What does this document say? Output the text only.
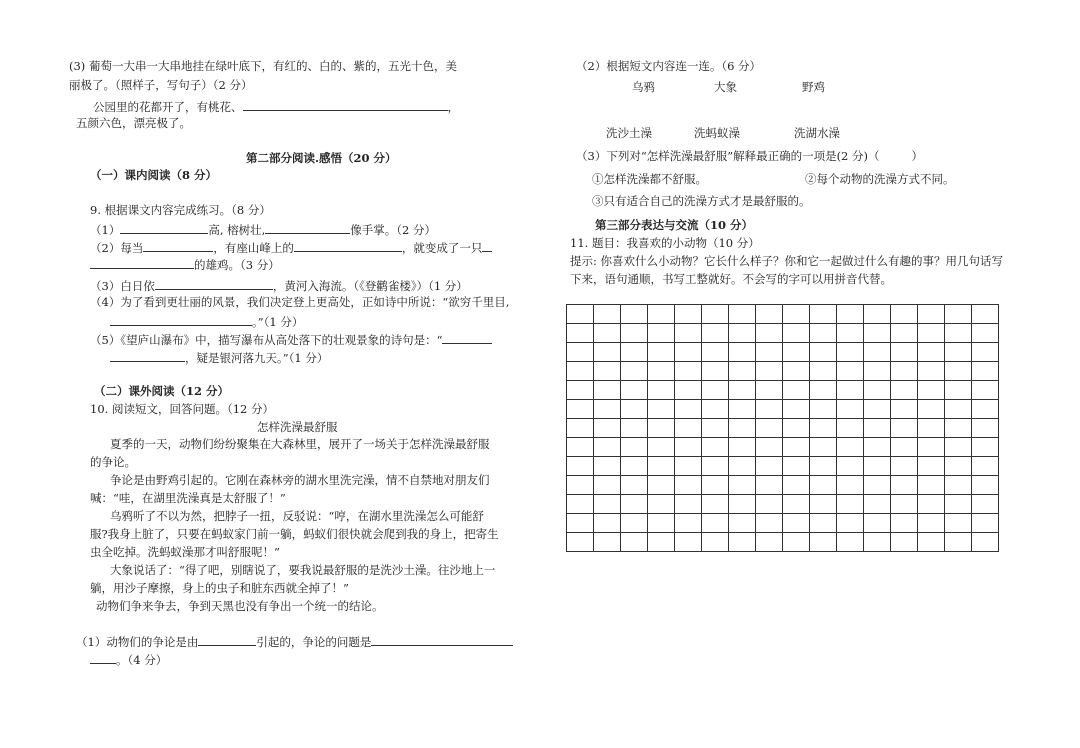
(3) 葡萄一大串一大串地挂在绿叶底下，有红的、白的、紫的，五光十色，美
丽极了。（照样子，写句子）（2 分）
公园里的花都开了，有桃花、	，
五颜六色，漂亮极了。
第二部分阅读.感悟（20 分）
（一）课内阅读（8 分）
9. 根据课文内容完成练习。（8 分）
（1）	高, 榕树壮,	像手掌。（2 分）
（2）每当	，有座山峰上的	，就变成了一只
的雄鸡。（3 分）
（3）白日依	，黄河入海流。（《登鹳雀楼》）（1 分）
（4）为了看到更壮丽的风景，我们决定登上更高处，正如诗中所说：“欲穷千里目,
。”（1 分）
（5）《望庐山瀑布》中，描写瀑布从高处落下的壮观景象的诗句是：“
，疑是银河落九天。”（1 分）
（二）课外阅读（12 分）
10. 阅读短文，回答问题。（12 分）
怎样洗澡最舒服
夏季的一天，动物们纷纷聚集在大森林里，展开了一场关于怎样洗澡最舒服
的争论。
争论是由野鸡引起的。它刚在森林旁的湖水里洗完澡，情不自禁地对朋友们
喊：“哇，在湖里洗澡真是太舒服了！”
乌鸦听了不以为然，把脖子一扭，反驳说：“哼，在湖水里洗澡怎么可能舒
服?我身上脏了，只要在蚂蚁家门前一躺，蚂蚁们很快就会爬到我的身上，把寄生
虫全吃掉。洗蚂蚁澡那才叫舒服呢！”
大象说话了：“得了吧，别瞎说了，要我说最舒服的是洗沙土澡。往沙地上一
躺，用沙子摩擦，身上的虫子和脏东西就全掉了！”
动物们争来争去，争到天黑也没有争出一个统一的结论。
（1）动物们的争论是由	引起的，争论的问题是
。（4 分）
（2）根据短文内容连一连。（6 分）
乌鸦	大象	野鸡
洗沙土澡	洗蚂蚁澡	洗湖水澡
（3）下列对“怎样洗澡最舒服”解释最正确的一项是(2 分)（	）
①怎样洗澡都不舒服。	②每个动物的洗澡方式不同。
③只有适合自己的洗澡方式才是最舒服的。
第三部分表达与交流（10 分）
11. 题目：我喜欢的小动物（10 分）
提示: 你喜欢什么小动物？它长什么样子？你和它一起做过什么有趣的事？用几句话写
下来，语句通顺，书写工整就好。不会写的字可以用拼音代替。
